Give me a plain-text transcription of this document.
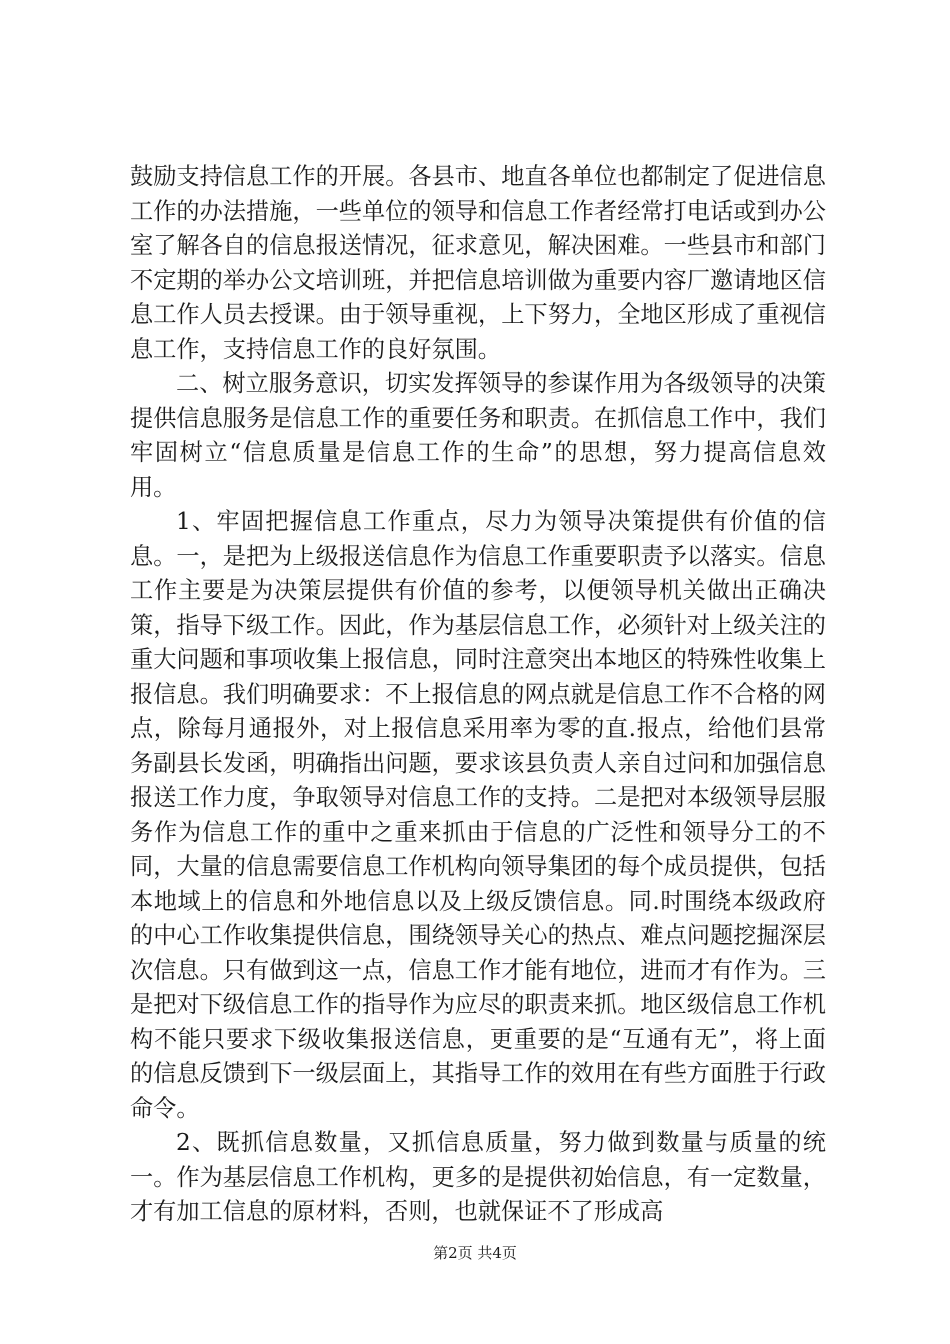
鼓励支持信息工作的开展。各县市、地直各单位也都制定了促进信息工作的办法措施，一些单位的领导和信息工作者经常打电话或到办公室了解各自的信息报送情况，征求意见，解决困难。一些县市和部门不定期的举办公文培训班，并把信息培训做为重要内容厂邀请地区信息工作人员去授课。由于领导重视，上下努力，全地区形成了重视信息工作，支持信息工作的良好氛围。

二、树立服务意识，切实发挥领导的参谋作用为各级领导的决策提供信息服务是信息工作的重要任务和职责。在抓信息工作中，我们牢固树立“信息质量是信息工作的生命”的思想，努力提高信息效用。

1、牢固把握信息工作重点，尽力为领导决策提供有价值的信息。一，是把为上级报送信息作为信息工作重要职责予以落实。信息工作主要是为决策层提供有价值的参考，以便领导机关做出正确决策，指导下级工作。因此，作为基层信息工作，必须针对上级关注的重大问题和事项收集上报信息，同时注意突出本地区的特殊性收集上报信息。我们明确要求：不上报信息的网点就是信息工作不合格的网点，除每月通报外，对上报信息采用率为零的直.报点，给他们县常务副县长发函，明确指出问题，要求该县负责人亲自过问和加强信息报送工作力度，争取领导对信息工作的支持。二是把对本级领导层服务作为信息工作的重中之重来抓由于信息的广泛性和领导分工的不同，大量的信息需要信息工作机构向领导集团的每个成员提供，包括本地域上的信息和外地信息以及上级反馈信息。同.时围绕本级政府的中心工作收集提供信息，围绕领导关心的热点、难点问题挖掘深层次信息。只有做到这一点，信息工作才能有地位，进而才有作为。三是把对下级信息工作的指导作为应尽的职责来抓。地区级信息工作机构不能只要求下级收集报送信息，更重要的是“互通有无”，将上面的信息反馈到下一级层面上，其指导工作的效用在有些方面胜于行政命令。

2、既抓信息数量，又抓信息质量，努力做到数量与质量的统一。作为基层信息工作机构，更多的是提供初始信息，有一定数量，才有加工信息的原材料，否则，也就保证不了形成高

第2页 共4页
